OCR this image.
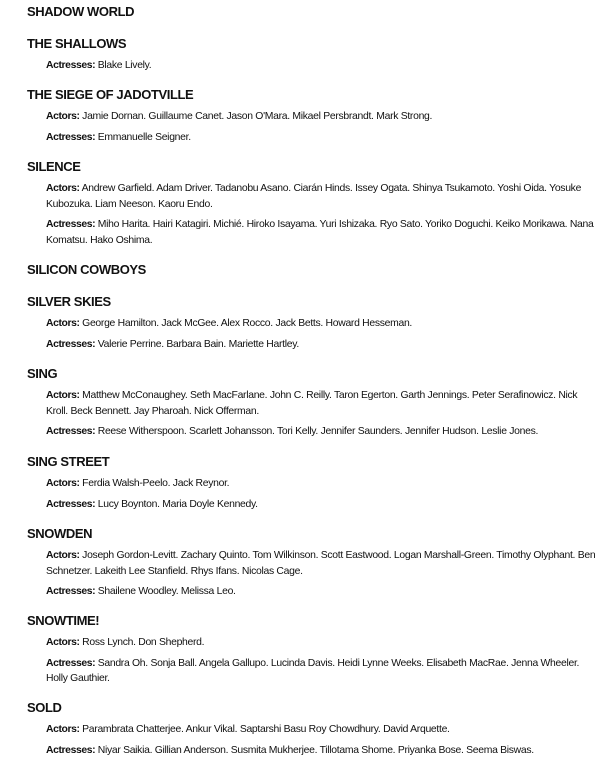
SHADOW WORLD
THE SHALLOWS

Actresses: Blake Lively.

THE SIEGE OF JADOTVILLE

Actors: Jamie Dornan. Guillaume Canet. Jason O'Mara. Mikael Persbrandt. Mark Strong.

Actresses: Emmanuelle Seigner.

SILENCE

Actors: Andrew Garfield. Adam Driver. Tadanobu Asano. Ciarán Hinds. Issey Ogata. Shinya Tsukamoto. Yoshi Oida. Yosuke Kubozuka. Liam Neeson. Kaoru Endo.

Actresses: Miho Harita. Hairi Katagiri. Michié. Hiroko Isayama. Yuri Ishizaka. Ryo Sato. Yoriko Doguchi. Keiko Morikawa. Nana Komatsu. Hako Oshima.

SILICON COWBOYS
SILVER SKIES

Actors: George Hamilton. Jack McGee. Alex Rocco. Jack Betts. Howard Hesseman.

Actresses: Valerie Perrine. Barbara Bain. Mariette Hartley.

SING

Actors: Matthew McConaughey. Seth MacFarlane. John C. Reilly. Taron Egerton. Garth Jennings. Peter Serafinowicz. Nick Kroll. Beck Bennett. Jay Pharoah. Nick Offerman.

Actresses: Reese Witherspoon. Scarlett Johansson. Tori Kelly. Jennifer Saunders. Jennifer Hudson. Leslie Jones.

SING STREET

Actors: Ferdia Walsh-Peelo. Jack Reynor.

Actresses: Lucy Boynton. Maria Doyle Kennedy.

SNOWDEN

Actors: Joseph Gordon-Levitt. Zachary Quinto. Tom Wilkinson. Scott Eastwood. Logan Marshall-Green. Timothy Olyphant. Ben Schnetzer. Lakeith Lee Stanfield. Rhys Ifans. Nicolas Cage.

Actresses: Shailene Woodley. Melissa Leo.

SNOWTIME!

Actors: Ross Lynch. Don Shepherd.

Actresses: Sandra Oh. Sonja Ball. Angela Gallupo. Lucinda Davis. Heidi Lynne Weeks. Elisabeth MacRae. Jenna Wheeler. Holly Gauthier.

SOLD

Actors: Parambrata Chatterjee. Ankur Vikal. Saptarshi Basu Roy Chowdhury. David Arquette.

Actresses: Niyar Saikia. Gillian Anderson. Susmita Mukherjee. Tillotama Shome. Priyanka Bose. Seema Biswas.
